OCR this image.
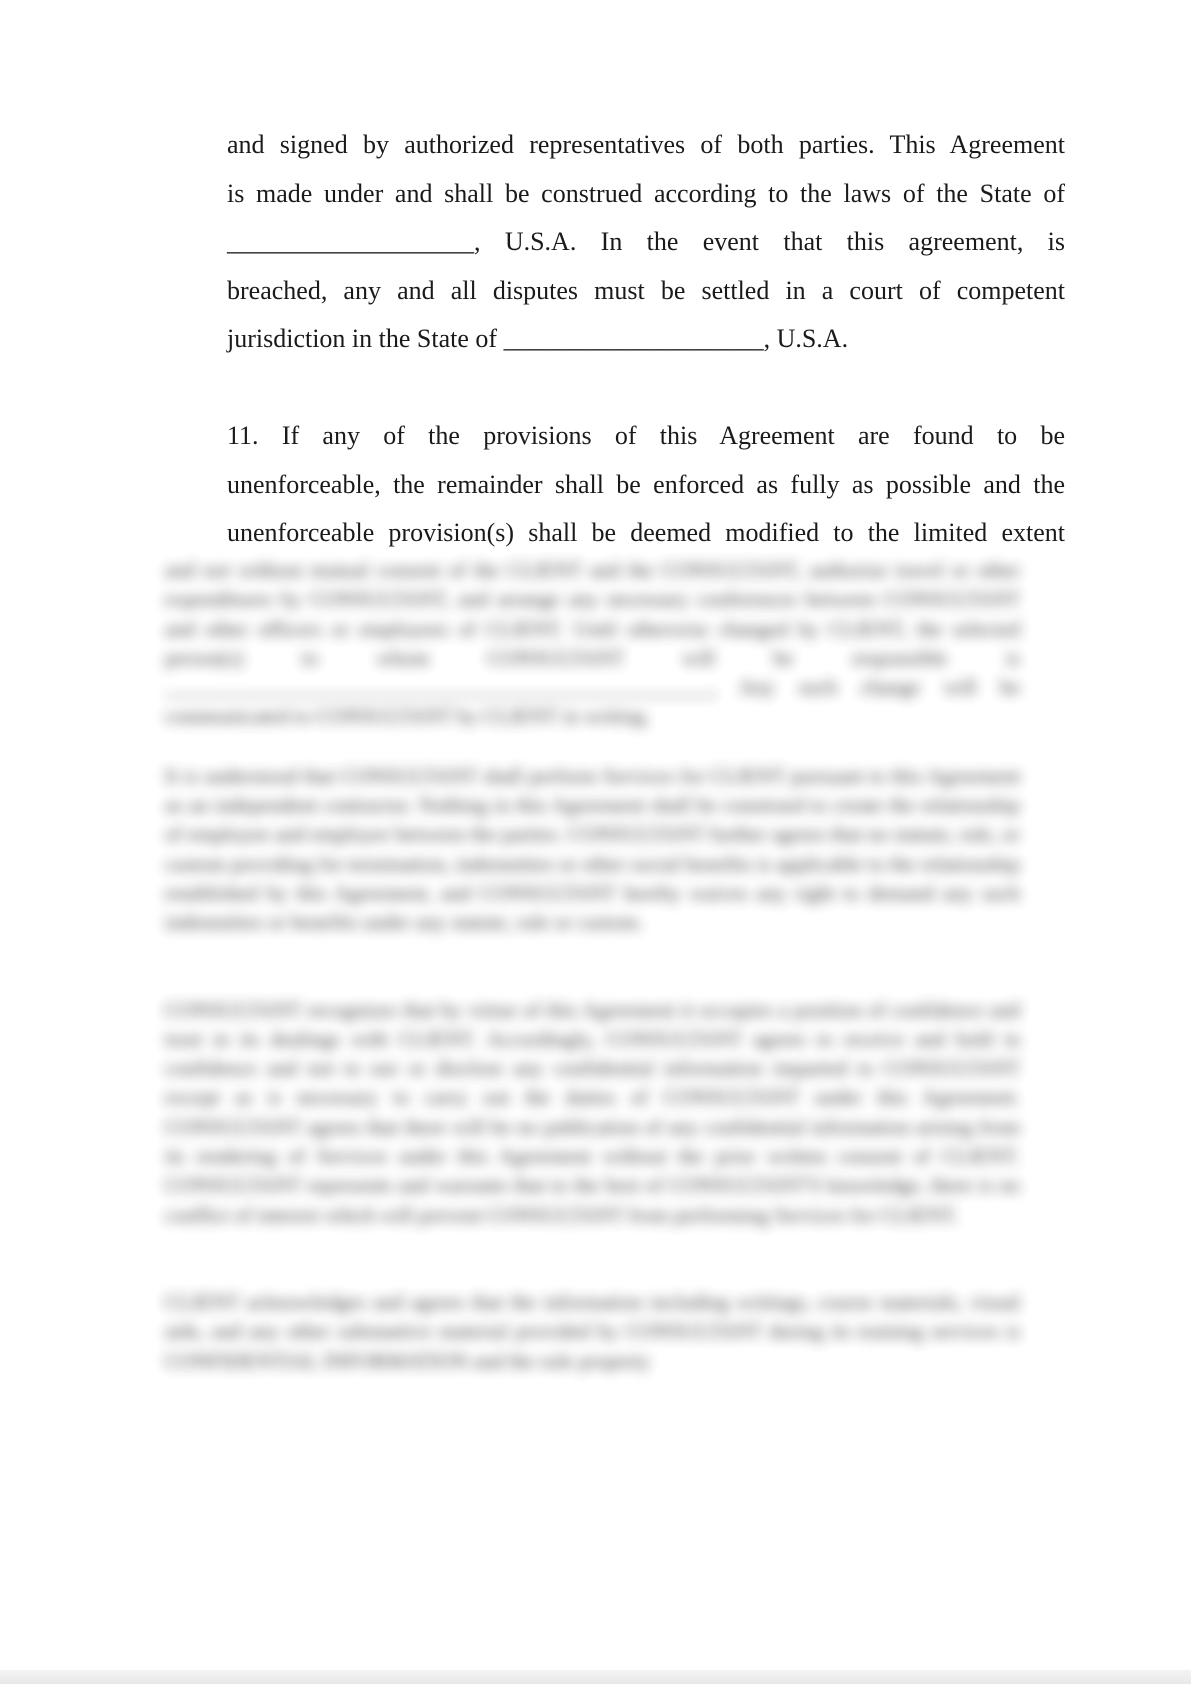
and signed by authorized representatives of both parties. This Agreement
is made under and shall be construed according to the laws of the State of
___________________, U.S.A. In the event that this agreement, is
breached, any and all disputes must be settled in a court of competent
jurisdiction in the State of ____________________, U.S.A.
11. If any of the provisions of this Agreement are found to be
unenforceable, the remainder shall be enforced as fully as possible and the
unenforceable provision(s) shall be deemed modified to the limited extent

and not without mutual consent of the CLIENT and the CONSULTANT, authorize travel or other expenditures by CONSULTANT, and arrange any necessary conferences between CONSULTANT and other officers or employees of CLIENT. Until otherwise changed by CLIENT, the selected person(s) to whom CONSULTANT will be responsible is ____________________________________________________, Any such change will be communicated to CONSULTANT by CLIENT in writing.

It is understood that CONSULTANT shall perform Services for CLIENT pursuant to this Agreement as an independent contractor. Nothing in this Agreement shall be construed to create the relationship of employee and employer between the parties. CONSULTANT further agrees that no statute, rule, or custom providing for termination, indemnities or other social benefits is applicable to the relationship established by this Agreement, and CONSULTANT hereby waives any right to demand any such indemnities or benefits under any statute, rule or custom.

CONSULTANT recognizes that by virtue of this Agreement it occupies a position of confidence and trust in its dealings with CLIENT. Accordingly, CONSULTANT agrees to receive and hold in confidence and not to use or disclose any confidential information imparted to CONSULTANT except as is necessary to carry out the duties of CONSULTANT under this Agreement. CONSULTANT agrees that there will be no publication of any confidential information arising from its rendering of Services under this Agreement without the prior written consent of CLIENT. CONSULTANT represents and warrants that to the best of CONSULTANT'S knowledge, there is no conflict of interest which will prevent CONSULTANT from performing Services for CLIENT.

CLIENT acknowledges and agrees that the information including writings, course materials, visual aids, and any other substantive material provided by CONSULTANT during its training services is CONFIDENTIAL INFORMATION and the sole property
